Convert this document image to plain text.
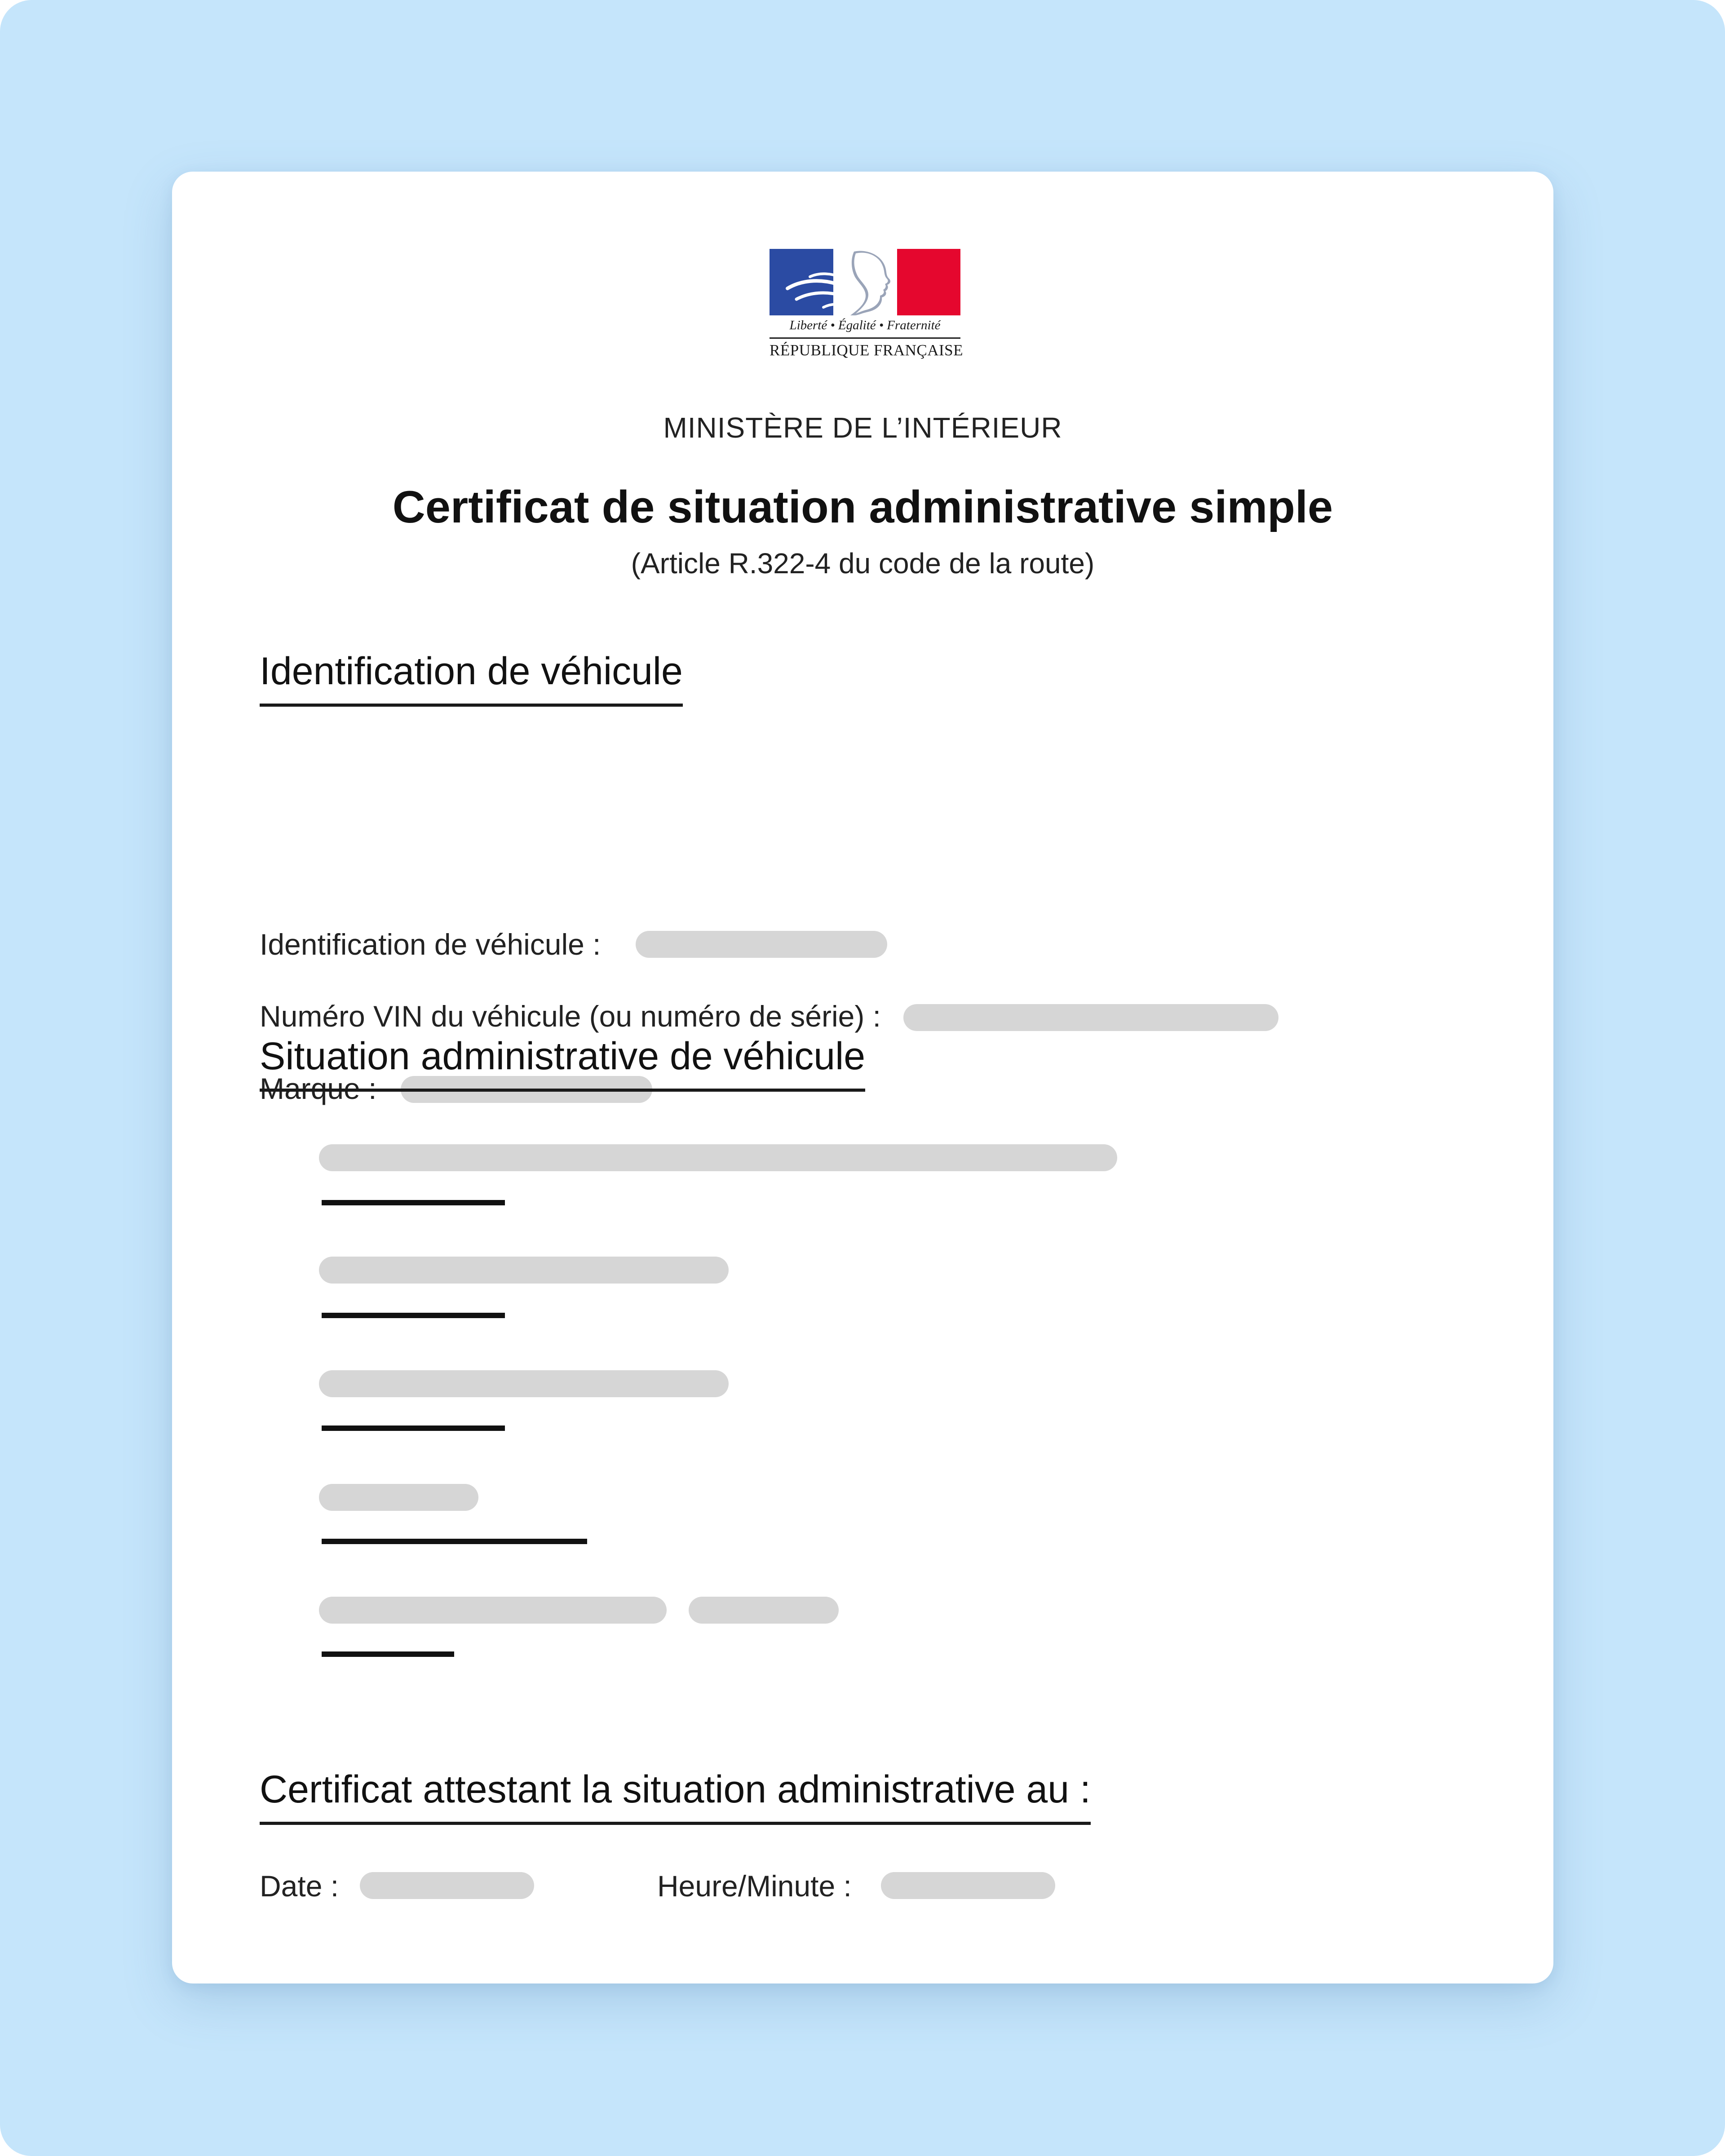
Liberté • Égalité • Fraternité
RÉPUBLIQUE FRANÇAISE
MINISTÈRE DE L’INTÉRIEUR
Certificat de situation administrative simple
(Article R.322-4 du code de la route)
Identification de véhicule
Identification de véhicule :
Numéro VIN du véhicule (ou numéro de série) :
Marque :
Situation administrative de véhicule
Certificat attestant la situation administrative au :
Date :	Heure/Minute :
